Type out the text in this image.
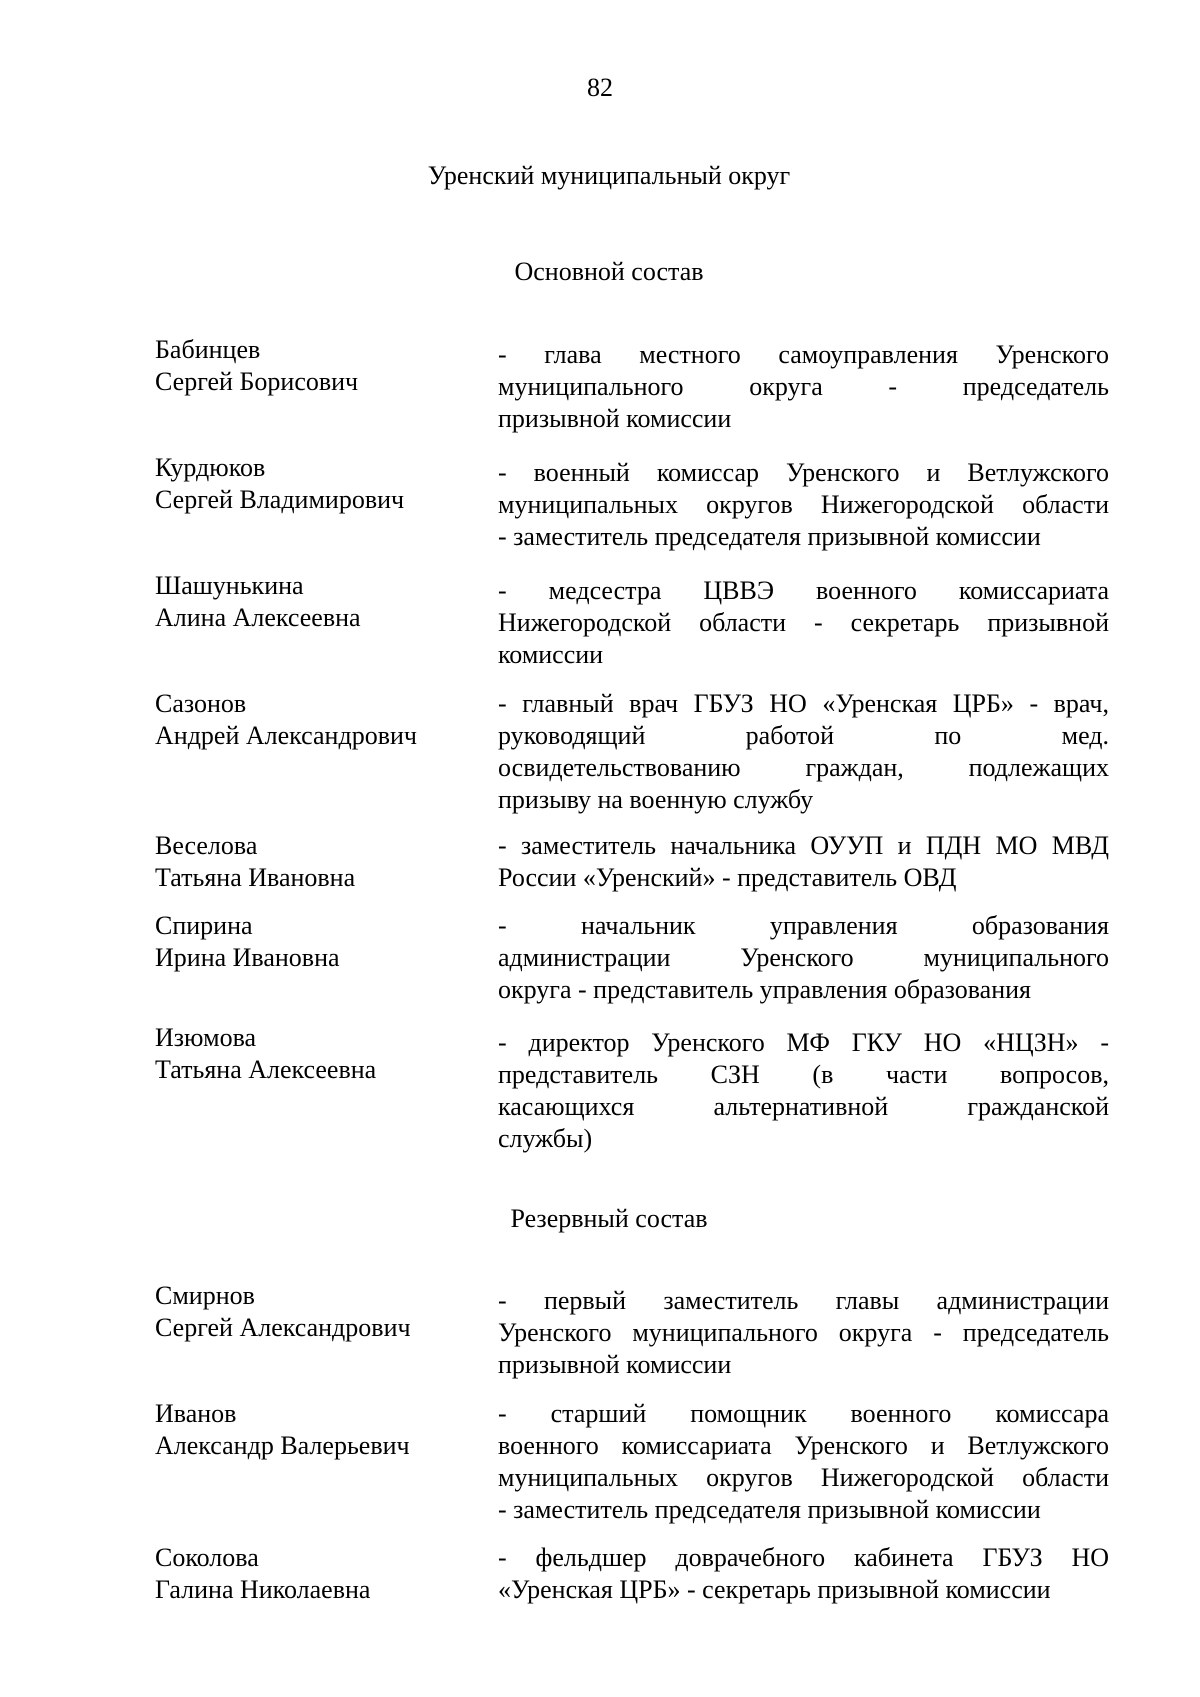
82
Уренский муниципальный округ
Основной состав
Бабинцев
Сергей Борисович
- глава местного самоуправления Уренского
муниципального округа - председатель
призывной комиссии
Курдюков
Сергей Владимирович
- военный комиссар Уренского и Ветлужского
муниципальных округов Нижегородской области
- заместитель председателя призывной комиссии
Шашунькина
Алина Алексеевна
- медсестра ЦВВЭ военного комиссариата
Нижегородской области - секретарь призывной
комиссии
Сазонов
Андрей Александрович
- главный врач ГБУЗ НО «Уренская ЦРБ» - врач,
руководящий работой по мед.
освидетельствованию граждан, подлежащих
призыву на военную службу
Веселова
Татьяна Ивановна
- заместитель начальника ОУУП и ПДН МО МВД
России «Уренский» - представитель ОВД
Спирина
Ирина Ивановна
- начальник управления образования
администрации Уренского муниципального
округа - представитель управления образования
Изюмова
Татьяна Алексеевна
- директор Уренского МФ ГКУ НО «НЦЗН» -
представитель СЗН (в части вопросов,
касающихся альтернативной гражданской
службы)
Резервный состав
Смирнов
Сергей Александрович
- первый заместитель главы администрации
Уренского муниципального округа - председатель
призывной комиссии
Иванов
Александр Валерьевич
- старший помощник военного комиссара
военного комиссариата Уренского и Ветлужского
муниципальных округов Нижегородской области
- заместитель председателя призывной комиссии
Соколова
Галина Николаевна
- фельдшер доврачебного кабинета ГБУЗ НО
«Уренская ЦРБ» - секретарь призывной комиссии
